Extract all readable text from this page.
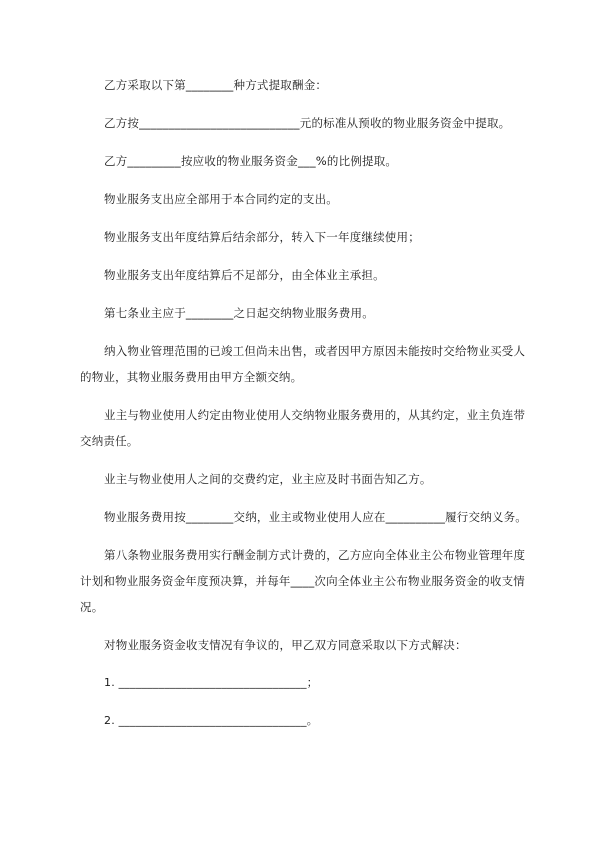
乙方采取以下第________种方式提取酬金：

乙方按___________________________元的标准从预收的物业服务资金中提取。

乙方_________按应收的物业服务资金___%的比例提取。

物业服务支出应全部用于本合同约定的支出。

物业服务支出年度结算后结余部分，转入下一年度继续使用；

物业服务支出年度结算后不足部分，由全体业主承担。

第七条业主应于________之日起交纳物业服务费用。

纳入物业管理范围的已竣工但尚未出售，或者因甲方原因未能按时交给物业买受人的物业，其物业服务费用由甲方全额交纳。

业主与物业使用人约定由物业使用人交纳物业服务费用的，从其约定，业主负连带交纳责任。

业主与物业使用人之间的交费约定，业主应及时书面告知乙方。

物业服务费用按________交纳，业主或物业使用人应在__________履行交纳义务。

第八条物业服务费用实行酬金制方式计费的，乙方应向全体业主公布物业管理年度计划和物业服务资金年度预决算，并每年____次向全体业主公布物业服务资金的收支情况。

对物业服务资金收支情况有争议的，甲乙双方同意采取以下方式解决：

1. _________________________________；

2. _________________________________。
